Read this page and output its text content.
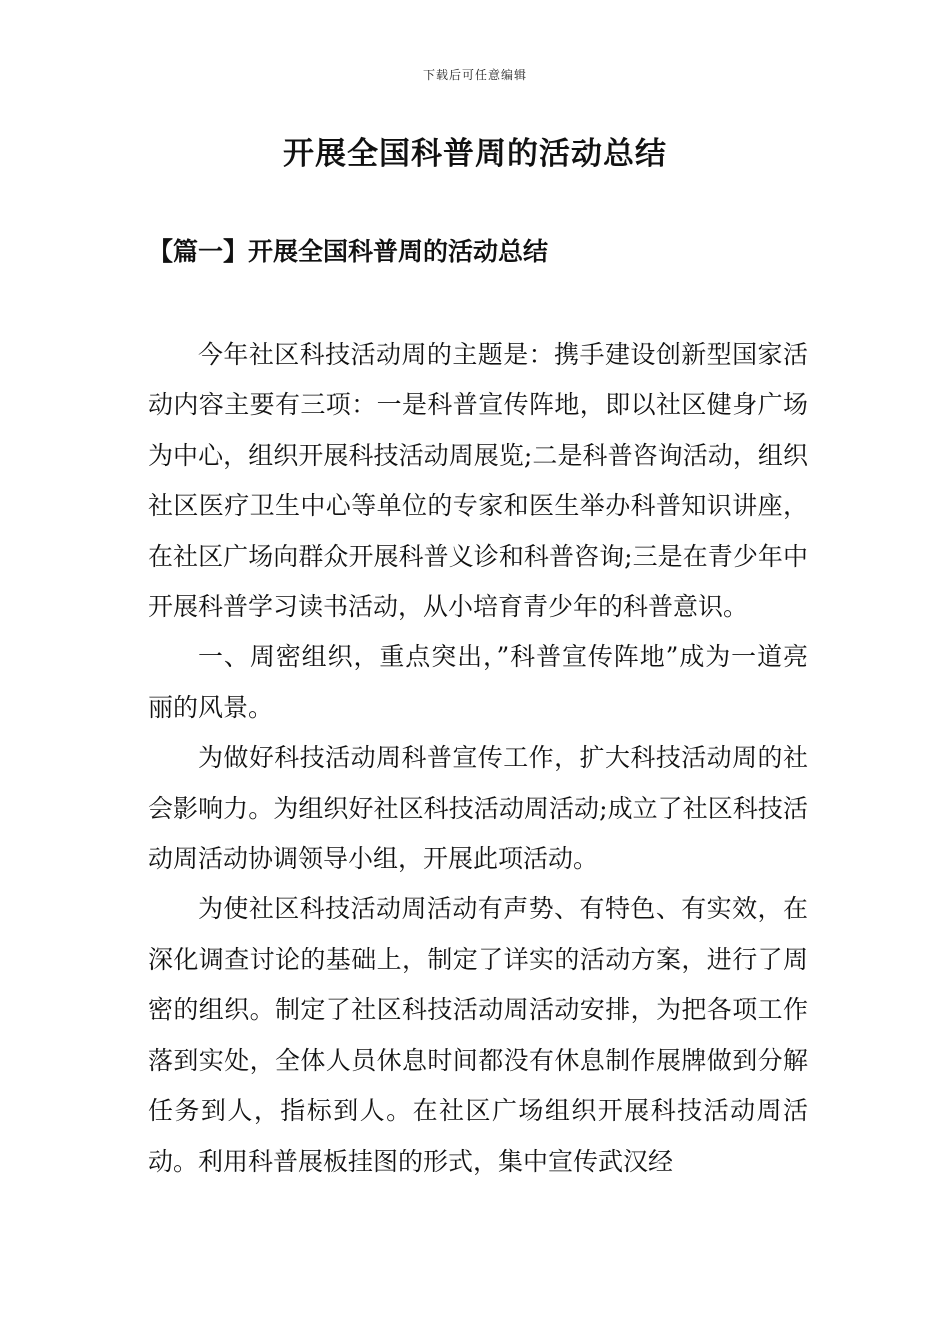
下载后可任意编辑
开展全国科普周的活动总结
【篇一】开展全国科普周的活动总结

今年社区科技活动周的主题是：携手建设创新型国家活动内容主要有三项：一是科普宣传阵地，即以社区健身广场为中心，组织开展科技活动周展览;二是科普咨询活动，组织社区医疗卫生中心等单位的专家和医生举办科普知识讲座，在社区广场向群众开展科普义诊和科普咨询;三是在青少年中开展科普学习读书活动，从小培育青少年的科普意识。

一、周密组织，重点突出，”科普宣传阵地”成为一道亮丽的风景。

为做好科技活动周科普宣传工作，扩大科技活动周的社会影响力。为组织好社区科技活动周活动;成立了社区科技活动周活动协调领导小组，开展此项活动。

为使社区科技活动周活动有声势、有特色、有实效，在深化调查讨论的基础上，制定了详实的活动方案，进行了周密的组织。制定了社区科技活动周活动安排，为把各项工作落到实处，全体人员休息时间都没有休息制作展牌做到分解任务到人，指标到人。在社区广场组织开展科技活动周活动。利用科普展板挂图的形式，集中宣传武汉经
